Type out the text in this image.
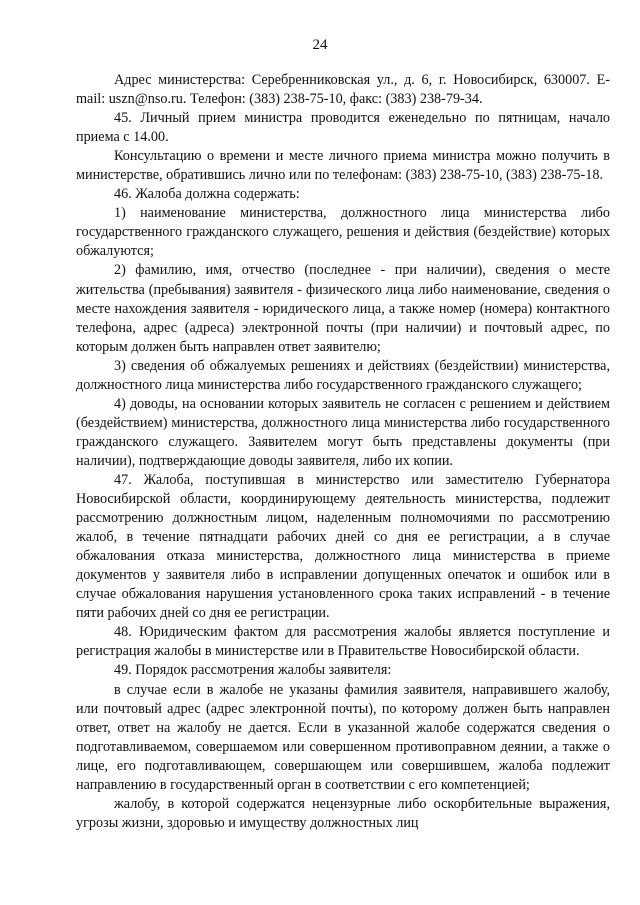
24

Адрес министерства: Серебренниковская ул., д. 6, г. Новосибирск, 630007. E-mail: uszn@nso.ru. Телефон: (383) 238-75-10, факс: (383) 238-79-34.

45. Личный прием министра проводится еженедельно по пятницам, начало приема с 14.00.

Консультацию о времени и месте личного приема министра можно получить в министерстве, обратившись лично или по телефонам: (383) 238-75-10, (383) 238-75-18.

46. Жалоба должна содержать:

1) наименование министерства, должностного лица министерства либо государственного гражданского служащего, решения и действия (бездействие) которых обжалуются;

2) фамилию, имя, отчество (последнее - при наличии), сведения о месте жительства (пребывания) заявителя - физического лица либо наименование, сведения о месте нахождения заявителя - юридического лица, а также номер (номера) контактного телефона, адрес (адреса) электронной почты (при наличии) и почтовый адрес, по которым должен быть направлен ответ заявителю;

3) сведения об обжалуемых решениях и действиях (бездействии) министерства, должностного лица министерства либо государственного гражданского служащего;

4) доводы, на основании которых заявитель не согласен с решением и действием (бездействием) министерства, должностного лица министерства либо государственного гражданского служащего. Заявителем могут быть представлены документы (при наличии), подтверждающие доводы заявителя, либо их копии.

47. Жалоба, поступившая в министерство или заместителю Губернатора Новосибирской области, координирующему деятельность министерства, подлежит рассмотрению должностным лицом, наделенным полномочиями по рассмотрению жалоб, в течение пятнадцати рабочих дней со дня ее регистрации, а в случае обжалования отказа министерства, должностного лица министерства в приеме документов у заявителя либо в исправлении допущенных опечаток и ошибок или в случае обжалования нарушения установленного срока таких исправлений - в течение пяти рабочих дней со дня ее регистрации.

48. Юридическим фактом для рассмотрения жалобы является поступление и регистрация жалобы в министерстве или в Правительстве Новосибирской области.

49. Порядок рассмотрения жалобы заявителя:

в случае если в жалобе не указаны фамилия заявителя, направившего жалобу, или почтовый адрес (адрес электронной почты), по которому должен быть направлен ответ, ответ на жалобу не дается. Если в указанной жалобе содержатся сведения о подготавливаемом, совершаемом или совершенном противоправном деянии, а также о лице, его подготавливающем, совершающем или совершившем, жалоба подлежит направлению в государственный орган в соответствии с его компетенцией;

жалобу, в которой содержатся нецензурные либо оскорбительные выражения, угрозы жизни, здоровью и имуществу должностных лиц
